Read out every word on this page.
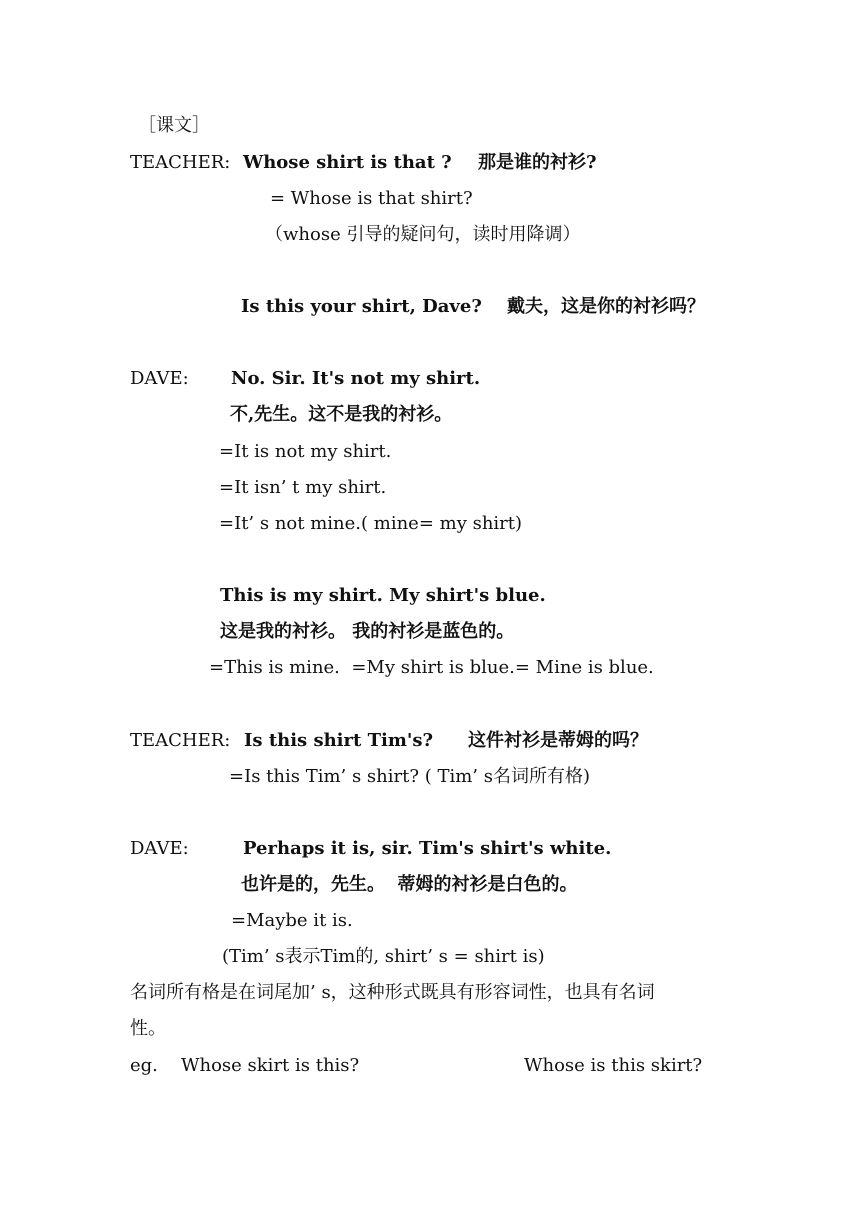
［课文］
TEACHER: Whose shirt is that ? 那是谁的衬衫?
= Whose is that shirt?
（whose 引导的疑问句，读时用降调）
Is this your shirt, Dave? 戴夫，这是你的衬衫吗？
DAVE: No. Sir. It's not my shirt.
不,先生。这不是我的衬衫。
=It is not my shirt.
=It isn’ t my shirt.
=It’ s not mine.( mine= my shirt)
This is my shirt. My shirt's blue.
这是我的衬衫。 我的衬衫是蓝色的。
=This is mine.  =My shirt is blue.= Mine is blue.
TEACHER: Is this shirt Tim's? 这件衬衫是蒂姆的吗？
=Is this Tim’ s shirt? ( Tim’ s名词所有格)
DAVE:	Perhaps it is, sir. Tim's shirt's white.
也许是的，先生。  蒂姆的衬衫是白色的。
=Maybe it is.
(Tim’ s表示Tim的, shirt’ s = shirt is)
名词所有格是在词尾加’ s，这种形式既具有形容词性，也具有名词
性。
eg. Whose skirt is this?	Whose is this skirt?
